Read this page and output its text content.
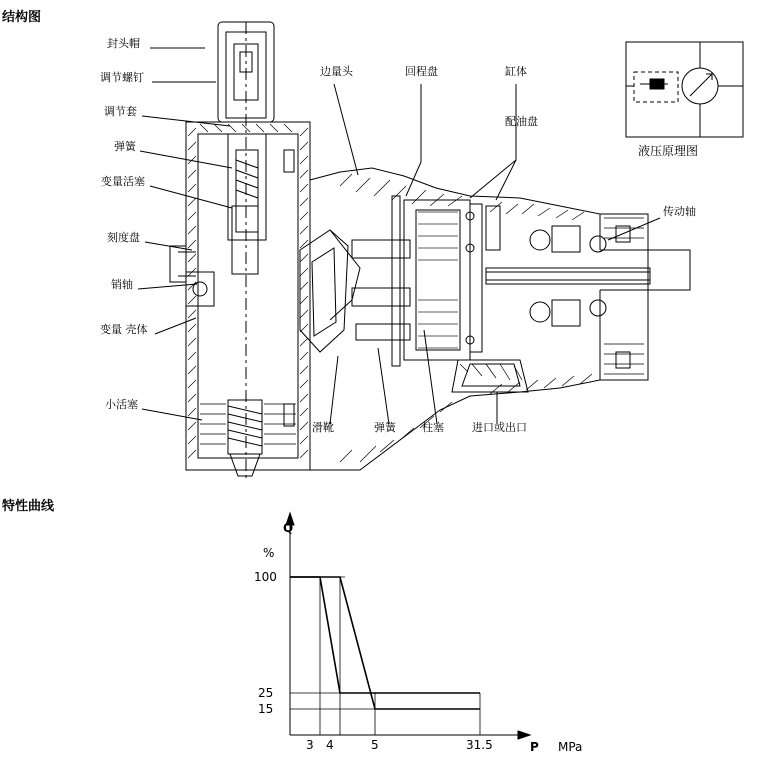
结构图
特性曲线
封头帽
调节螺钉
调节套
弹簧
变量活塞
刻度盘
销轴
变量 壳体
小活塞
边量头	回程盘	缸体
配油盘
传动轴
滑靴	弹簧 柱塞	进口或出口
液压原理图
Q
%
P MPa
100
25
15
3 4	5	31.5
